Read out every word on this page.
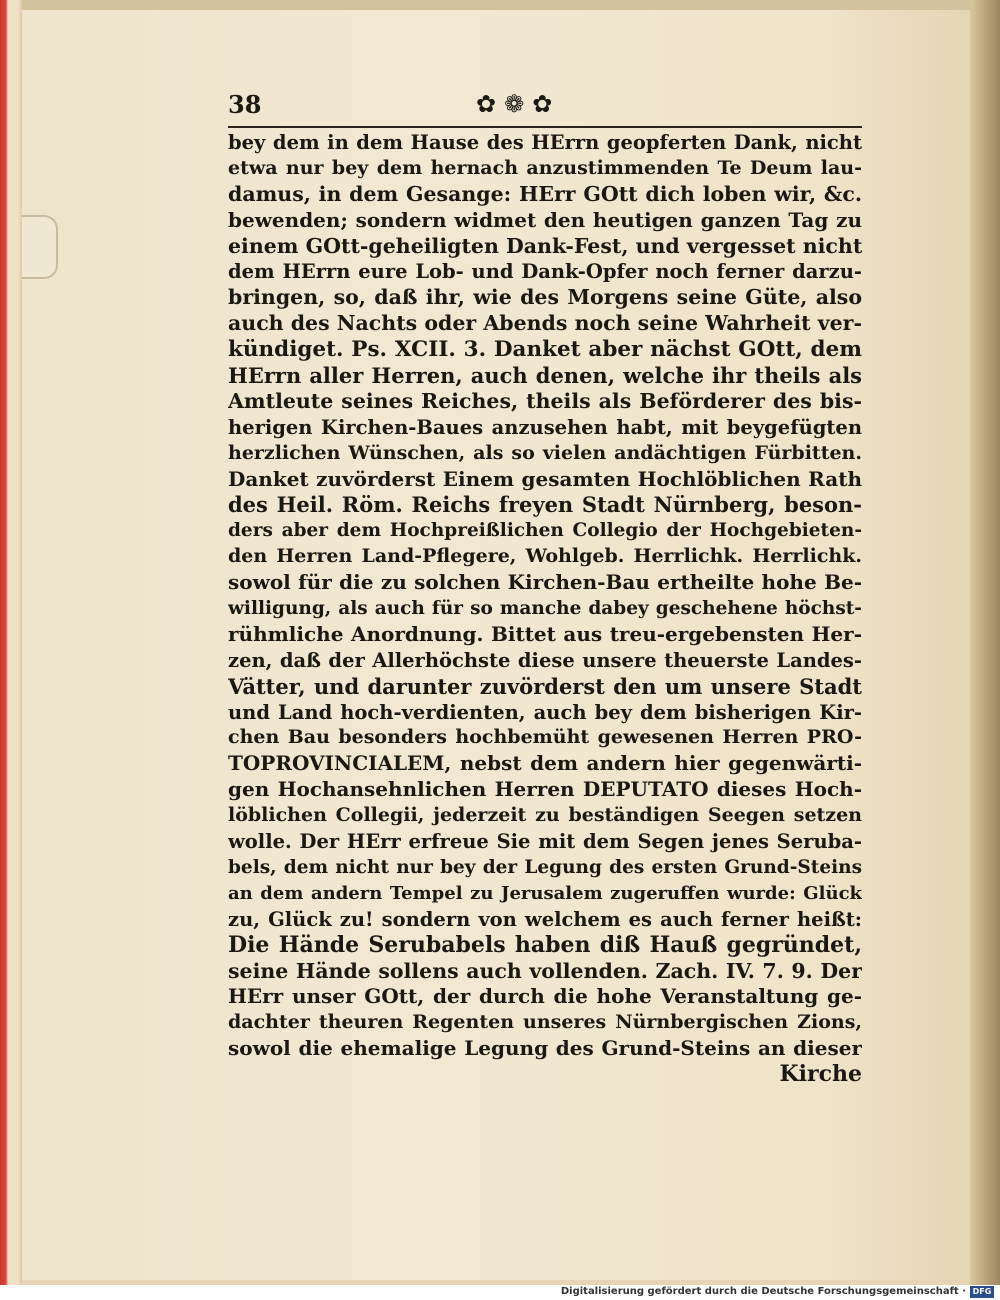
38	✿❁✿
bey dem in dem Hause des HErrn geopferten Dank, nicht
etwa nur bey dem hernach anzustimmenden Te Deum lau-
damus, in dem Gesange: HErr GOtt dich loben wir, &c.
bewenden; sondern widmet den heutigen ganzen Tag zu
einem GOtt-geheiligten Dank-Fest, und vergesset nicht
dem HErrn eure Lob- und Dank-Opfer noch ferner darzu-
bringen, so, daß ihr, wie des Morgens seine Güte, also
auch des Nachts oder Abends noch seine Wahrheit ver-
kündiget. Ps. XCII. 3. Danket aber nächst GOtt, dem
HErrn aller Herren, auch denen, welche ihr theils als
Amtleute seines Reiches, theils als Beförderer des bis-
herigen Kirchen-Baues anzusehen habt, mit beygefügten
herzlichen Wünschen, als so vielen andächtigen Fürbitten.
Danket zuvörderst Einem gesamten Hochlöblichen Rath
des Heil. Röm. Reichs freyen Stadt Nürnberg, beson-
ders aber dem Hochpreißlichen Collegio der Hochgebieten-
den Herren Land-Pflegere, Wohlgeb. Herrlichk. Herrlichk.
sowol für die zu solchen Kirchen-Bau ertheilte hohe Be-
willigung, als auch für so manche dabey geschehene höchst-
rühmliche Anordnung. Bittet aus treu-ergebensten Her-
zen, daß der Allerhöchste diese unsere theuerste Landes-
Vätter, und darunter zuvörderst den um unsere Stadt
und Land hoch-verdienten, auch bey dem bisherigen Kir-
chen Bau besonders hochbemüht gewesenen Herren PRO-
TOPROVINCIALEM, nebst dem andern hier gegenwärti-
gen Hochansehnlichen Herren DEPUTATO dieses Hoch-
löblichen Collegii, jederzeit zu beständigen Seegen setzen
wolle. Der HErr erfreue Sie mit dem Segen jenes Seruba-
bels, dem nicht nur bey der Legung des ersten Grund-Steins
an dem andern Tempel zu Jerusalem zugeruffen wurde: Glück
zu, Glück zu! sondern von welchem es auch ferner heißt:
Die Hände Serubabels haben diß Hauß gegründet,
seine Hände sollens auch vollenden. Zach. IV. 7. 9. Der
HErr unser GOtt, der durch die hohe Veranstaltung ge-
dachter theuren Regenten unseres Nürnbergischen Zions,
sowol die ehemalige Legung des Grund-Steins an dieser
Kirche
Digitalisierung gefördert durch die Deutsche Forschungsgemeinschaft · DFG
